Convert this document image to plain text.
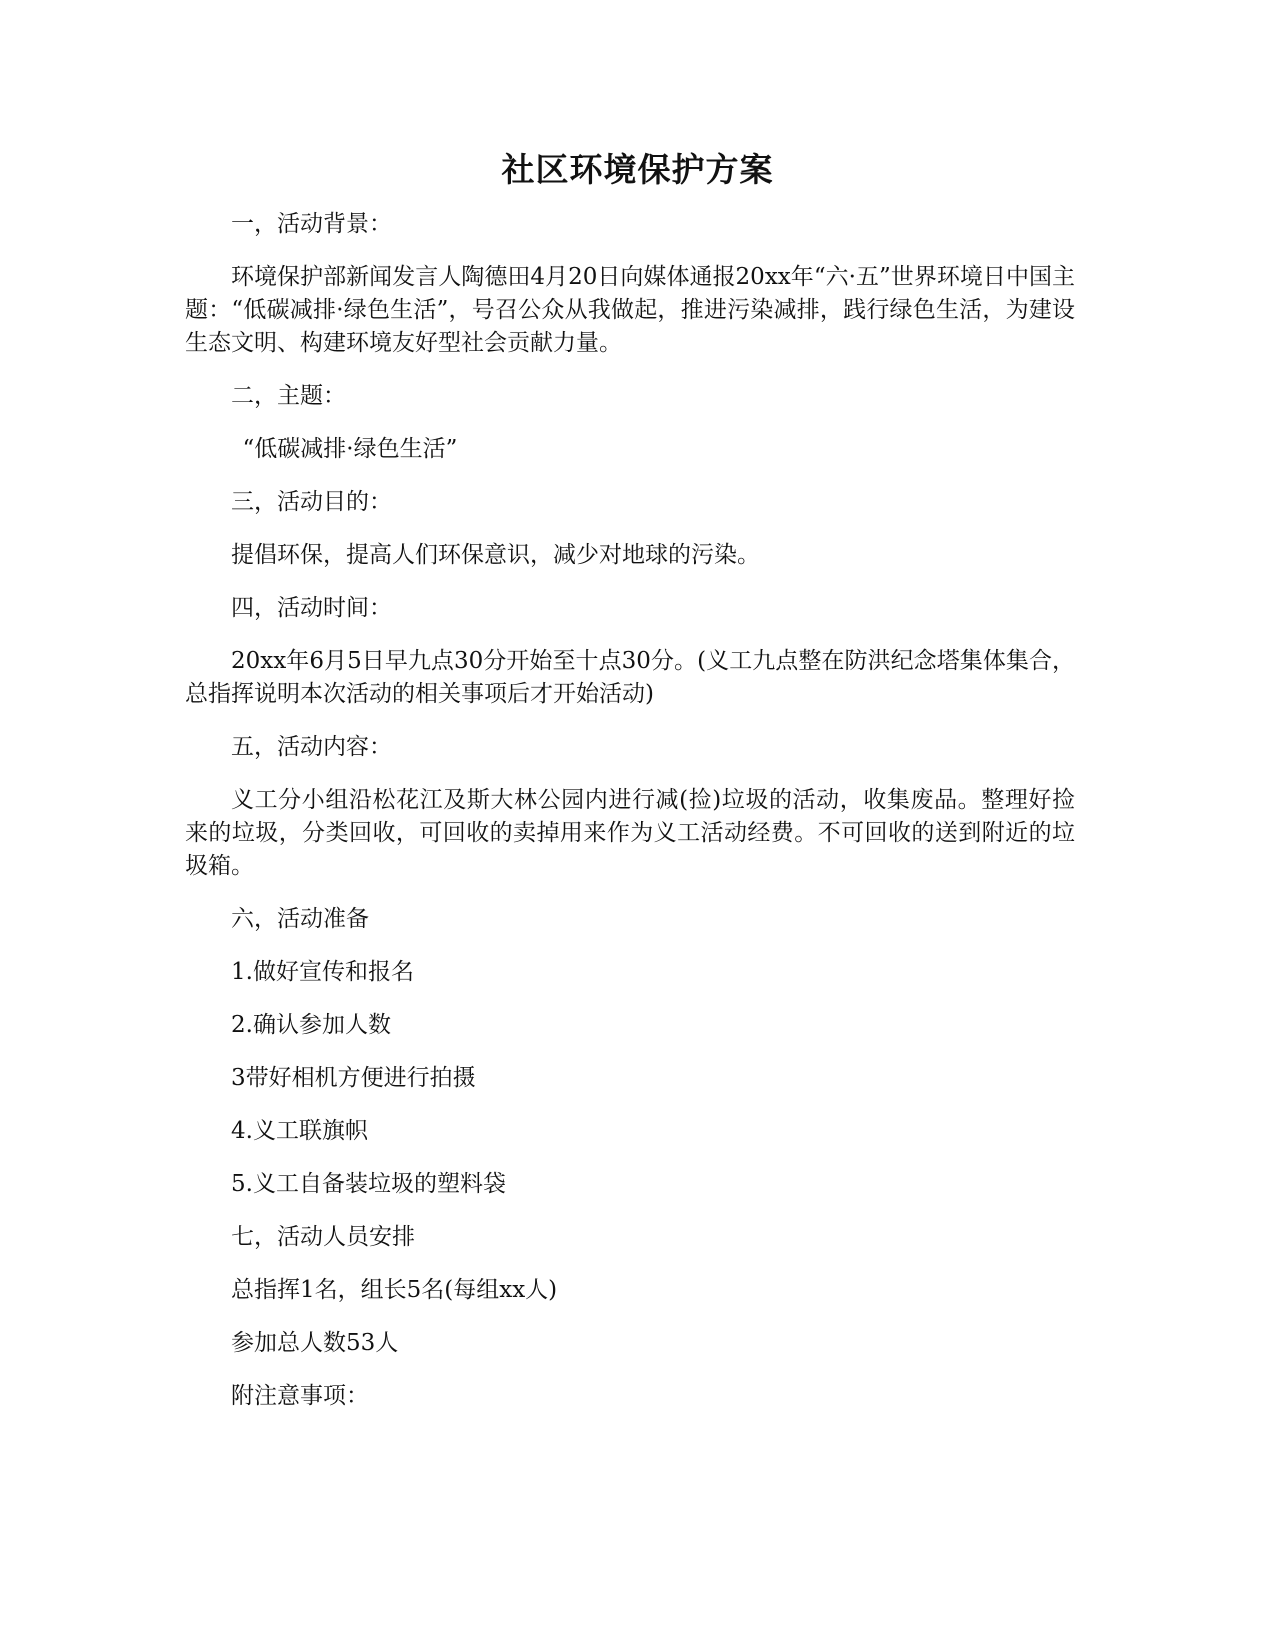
社区环境保护方案

一，活动背景：

环境保护部新闻发言人陶德田4月20日向媒体通报20xx年“六·五”世界环境日中国主题：“低碳减排·绿色生活”，号召公众从我做起，推进污染减排，践行绿色生活，为建设生态文明、构建环境友好型社会贡献力量。

二，主题：

“低碳减排·绿色生活”

三，活动目的：

提倡环保，提高人们环保意识，减少对地球的污染。

四，活动时间：

20xx年6月5日早九点30分开始至十点30分。(义工九点整在防洪纪念塔集体集合，总指挥说明本次活动的相关事项后才开始活动)

五，活动内容：

义工分小组沿松花江及斯大林公园内进行减(捡)垃圾的活动，收集废品。整理好捡来的垃圾，分类回收，可回收的卖掉用来作为义工活动经费。不可回收的送到附近的垃圾箱。

六，活动准备

1.做好宣传和报名

2.确认参加人数

3带好相机方便进行拍摄

4.义工联旗帜

5.义工自备装垃圾的塑料袋

七，活动人员安排

总指挥1名，组长5名(每组xx人)

参加总人数53人

附注意事项：
